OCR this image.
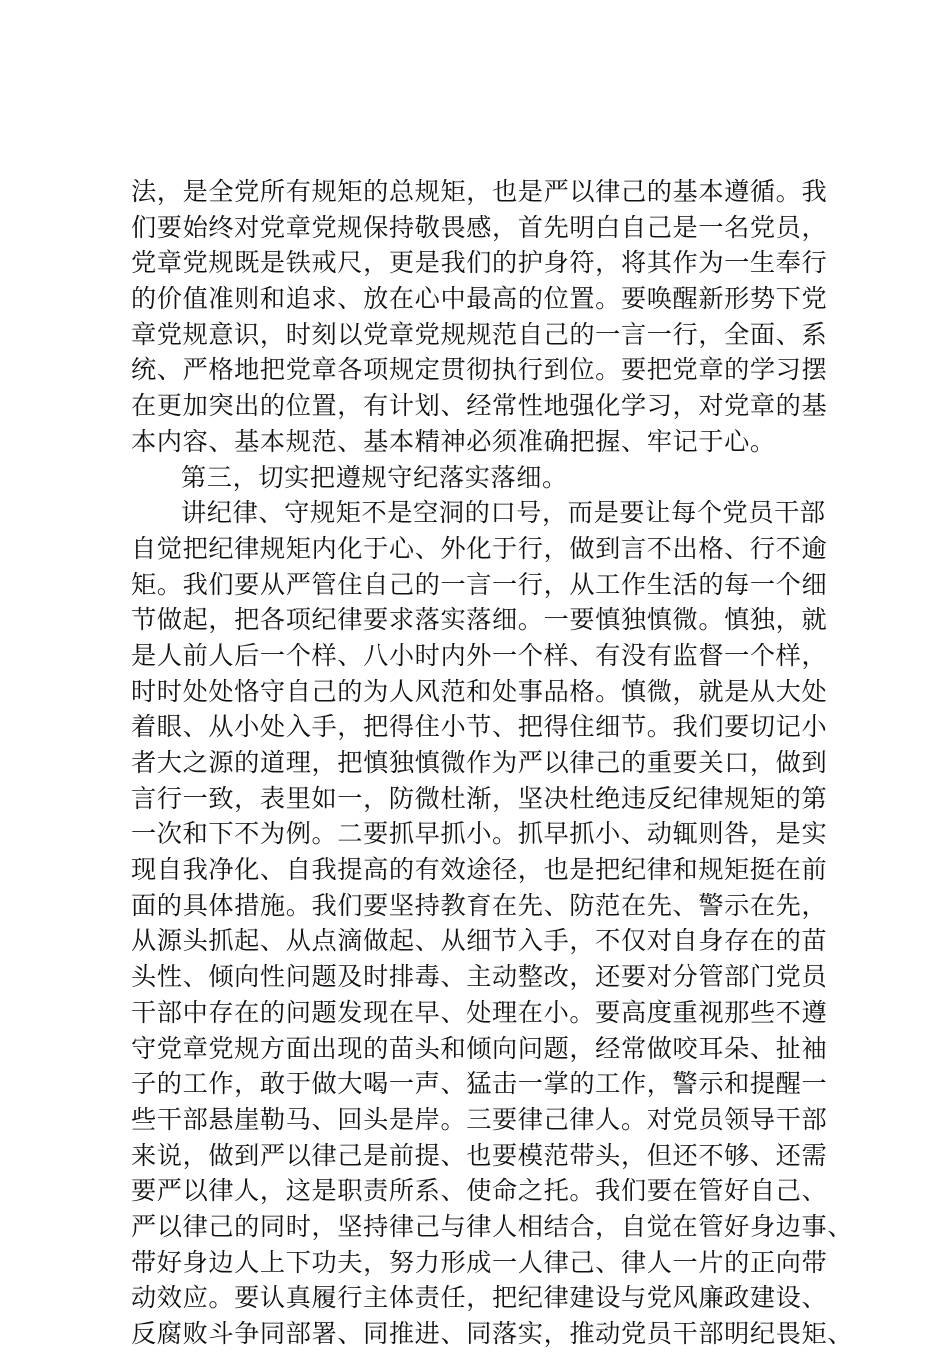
法，是全党所有规矩的总规矩，也是严以律己的基本遵循。我
们要始终对党章党规保持敬畏感，首先明白自己是一名党员，
党章党规既是铁戒尺，更是我们的护身符，将其作为一生奉行
的价值准则和追求、放在心中最高的位置。要唤醒新形势下党
章党规意识，时刻以党章党规规范自己的一言一行，全面、系
统、严格地把党章各项规定贯彻执行到位。要把党章的学习摆
在更加突出的位置，有计划、经常性地强化学习，对党章的基
本内容、基本规范、基本精神必须准确把握、牢记于心。
第三，切实把遵规守纪落实落细。
讲纪律、守规矩不是空洞的口号，而是要让每个党员干部
自觉把纪律规矩内化于心、外化于行，做到言不出格、行不逾
矩。我们要从严管住自己的一言一行，从工作生活的每一个细
节做起，把各项纪律要求落实落细。一要慎独慎微。慎独，就
是人前人后一个样、八小时内外一个样、有没有监督一个样，
时时处处恪守自己的为人风范和处事品格。慎微，就是从大处
着眼、从小处入手，把得住小节、把得住细节。我们要切记小
者大之源的道理，把慎独慎微作为严以律己的重要关口，做到
言行一致，表里如一，防微杜渐，坚决杜绝违反纪律规矩的第
一次和下不为例。二要抓早抓小。抓早抓小、动辄则咎，是实
现自我净化、自我提高的有效途径，也是把纪律和规矩挺在前
面的具体措施。我们要坚持教育在先、防范在先、警示在先，
从源头抓起、从点滴做起、从细节入手，不仅对自身存在的苗
头性、倾向性问题及时排毒、主动整改，还要对分管部门党员
干部中存在的问题发现在早、处理在小。要高度重视那些不遵
守党章党规方面出现的苗头和倾向问题，经常做咬耳朵、扯袖
子的工作，敢于做大喝一声、猛击一掌的工作，警示和提醒一
些干部悬崖勒马、回头是岸。三要律己律人。对党员领导干部
来说，做到严以律己是前提、也要模范带头，但还不够、还需
要严以律人，这是职责所系、使命之托。我们要在管好自己、
严以律己的同时，坚持律己与律人相结合，自觉在管好身边事、
带好身边人上下功夫，努力形成一人律己、律人一片的正向带
动效应。要认真履行主体责任，把纪律建设与党风廉政建设、
反腐败斗争同部署、同推进、同落实，推动党员干部明纪畏矩、
